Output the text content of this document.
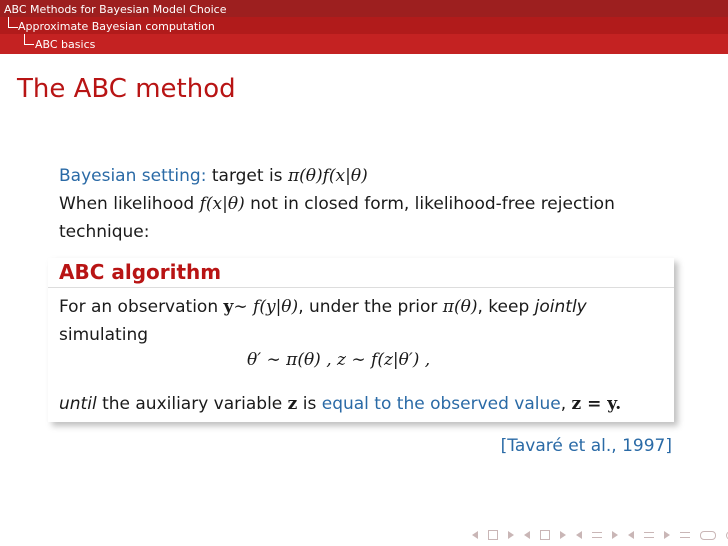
ABC Methods for Bayesian Model Choice
Approximate Bayesian computation
ABC basics
The ABC method
Bayesian setting: target is π(θ)f(x|θ)
When likelihood f(x|θ) not in closed form, likelihood-free rejection
technique:
ABC algorithm
For an observation y∼ f(y|θ), under the prior π(θ), keep jointly
simulating
θ′ ∼ π(θ) , z ∼ f(z|θ′) ,
until the auxiliary variable z is equal to the observed value, z = y.
[Tavaré et al., 1997]
